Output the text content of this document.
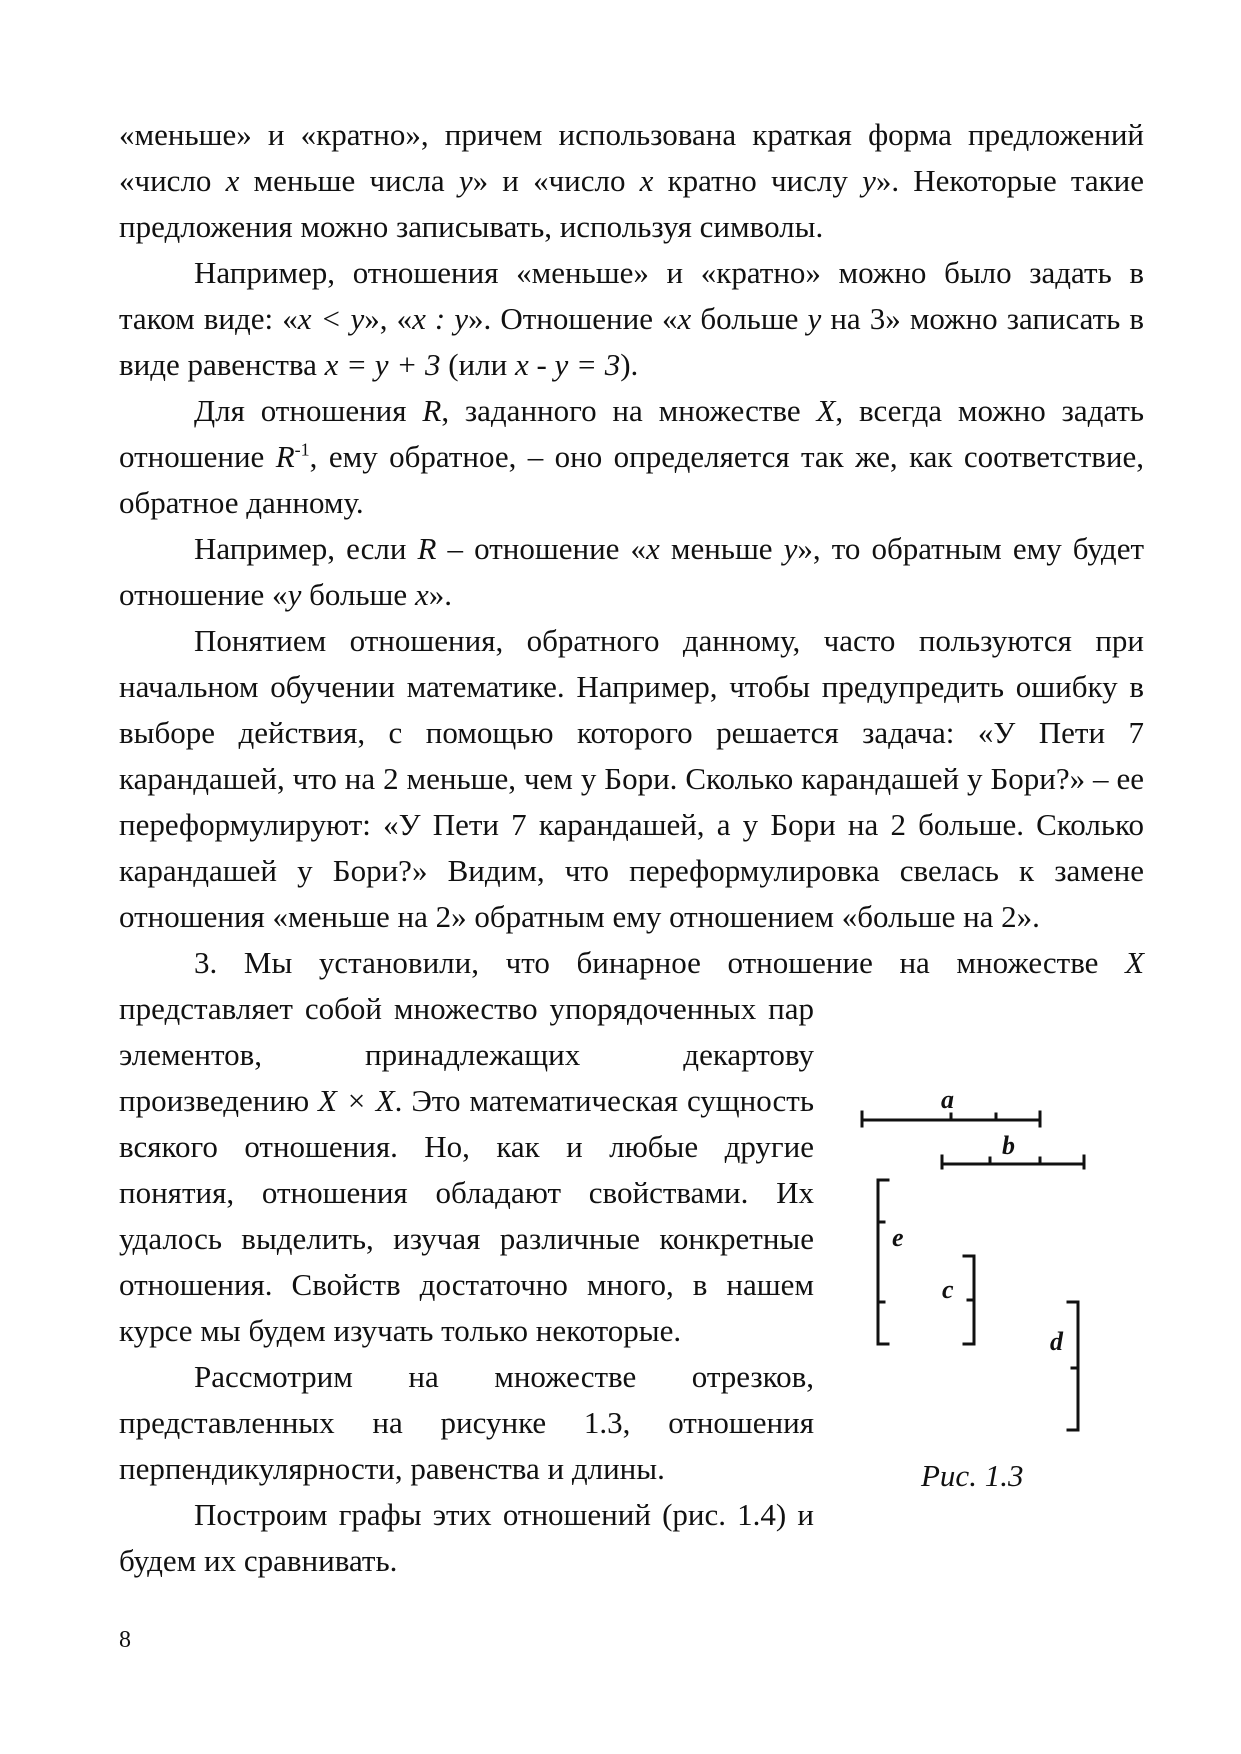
«меньше» и «кратно», причем использована краткая форма предложений «число x меньше числа y» и «число x кратно числу y». Некоторые такие предложения можно записывать, используя символы.

Например, отношения «меньше» и «кратно» можно было задать в таком виде: «x < y», «x : y». Отношение «x больше y на 3» можно записать в виде равенства x = y + 3 (или x - y = 3).

Для отношения R, заданного на множестве X, всегда можно задать отношение $R^{-1}$, ему обратное, – оно определяется так же, как соответствие, обратное данному.

Например, если R – отношение «x меньше y», то обратным ему будет отношение «y больше x».

Понятием отношения, обратного данному, часто пользуются при начальном обучении математике. Например, чтобы предупредить ошибку в выборе действия, с помощью которого решается задача: «У Пети 7 карандашей, что на 2 меньше, чем у Бори. Сколько карандашей у Бори?» – ее переформулируют: «У Пети 7 карандашей, а у Бори на 2 больше. Сколько карандашей у Бори?» Видим, что переформулировка свелась к замене отношения «меньше на 2» обратным ему отношением «больше на 2».

3. Мы установили, что бинарное отношение на множестве X представляет собой множество упорядоченных пар элементов, принадлежащих декартову произведению X × X. Это математическая сущность всякого отношения. Но, как и любые другие понятия, отношения обладают свойствами. Их удалось выделить, изучая различные конкретные отношения. Свойств достаточно много, в нашем курсе мы будем изучать только некоторые.

Рассмотрим на множестве отрезков, представленных на рисунке 1.3, отношения перпендикулярности, равенства и длины.

Построим графы этих отношений (рис. 1.4) и будем их сравнивать.

a
b
e
c
d
Рис. 1.3
8
